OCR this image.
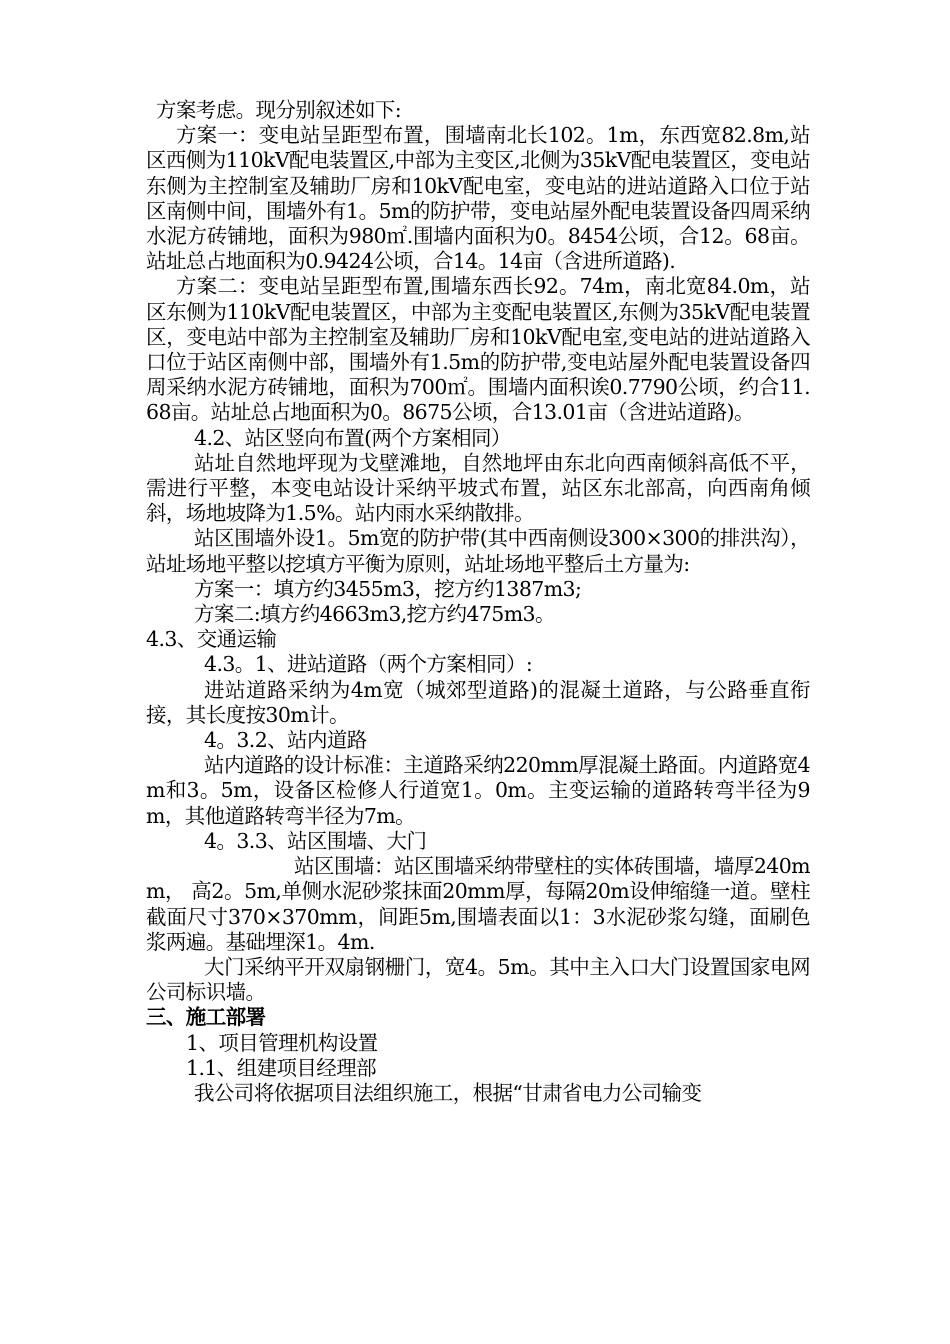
方案考虑。现分别叙述如下:

方案一：变电站呈距型布置，围墙南北长102。1m，东西宽82.8m,站区西侧为110kV配电装置区,中部为主变区,北侧为35kV配电装置区，变电站东侧为主控制室及辅助厂房和10kV配电室，变电站的进站道路入口位于站区南侧中间，围墙外有1。5m的防护带，变电站屋外配电装置设备四周采纳水泥方砖铺地，面积为980㎡.围墙内面积为0。8454公顷，合12。68亩。站址总占地面积为0.9424公顷，合14。14亩（含进所道路).

方案二：变电站呈距型布置,围墙东西长92。74m，南北宽84.0m，站区东侧为110kV配电装置区，中部为主变配电装置区,东侧为35kV配电装置区，变电站中部为主控制室及辅助厂房和10kV配电室,变电站的进站道路入口位于站区南侧中部，围墙外有1.5m的防护带,变电站屋外配电装置设备四周采纳水泥方砖铺地，面积为700㎡。围墙内面积诶0.7790公顷，约合11.68亩。站址总占地面积为0。8675公顷，合13.01亩（含进站道路)。

4.2、站区竖向布置(两个方案相同）

站址自然地坪现为戈壁滩地，自然地坪由东北向西南倾斜高低不平，需进行平整，本变电站设计采纳平坡式布置，站区东北部高，向西南角倾斜，场地坡降为1.5%。站内雨水采纳散排。

站区围墙外设1。5m宽的防护带(其中西南侧设300×300的排洪沟），站址场地平整以挖填方平衡为原则，站址场地平整后土方量为:

方案一：填方约3455m3，挖方约1387m3;

方案二:填方约4663m3,挖方约475m3。

4.3、交通运输

4.3。1、进站道路（两个方案相同）:

进站道路采纳为4m宽（城郊型道路)的混凝土道路，与公路垂直衔接，其长度按30m计。

4。3.2、站内道路

站内道路的设计标准：主道路采纳220mm厚混凝土路面。内道路宽4m和3。5m，设备区检修人行道宽1。0m。主变运输的道路转弯半径为9m，其他道路转弯半径为7m。

4。3.3、站区围墙、大门

站区围墙：站区围墙采纳带壁柱的实体砖围墙，墙厚240mm， 高2。5m,单侧水泥砂浆抹面20mm厚，每隔20m设伸缩缝一道。壁柱截面尺寸370×370mm，间距5m,围墙表面以1：3水泥砂浆勾缝，面刷色浆两遍。基础埋深1。4m.

大门采纳平开双扇钢栅门，宽4。5m。其中主入口大门设置国家电网公司标识墙。

三、施工部署

1、项目管理机构设置

1.1、组建项目经理部

我公司将依据项目法组织施工，根据“甘肃省电力公司输变
